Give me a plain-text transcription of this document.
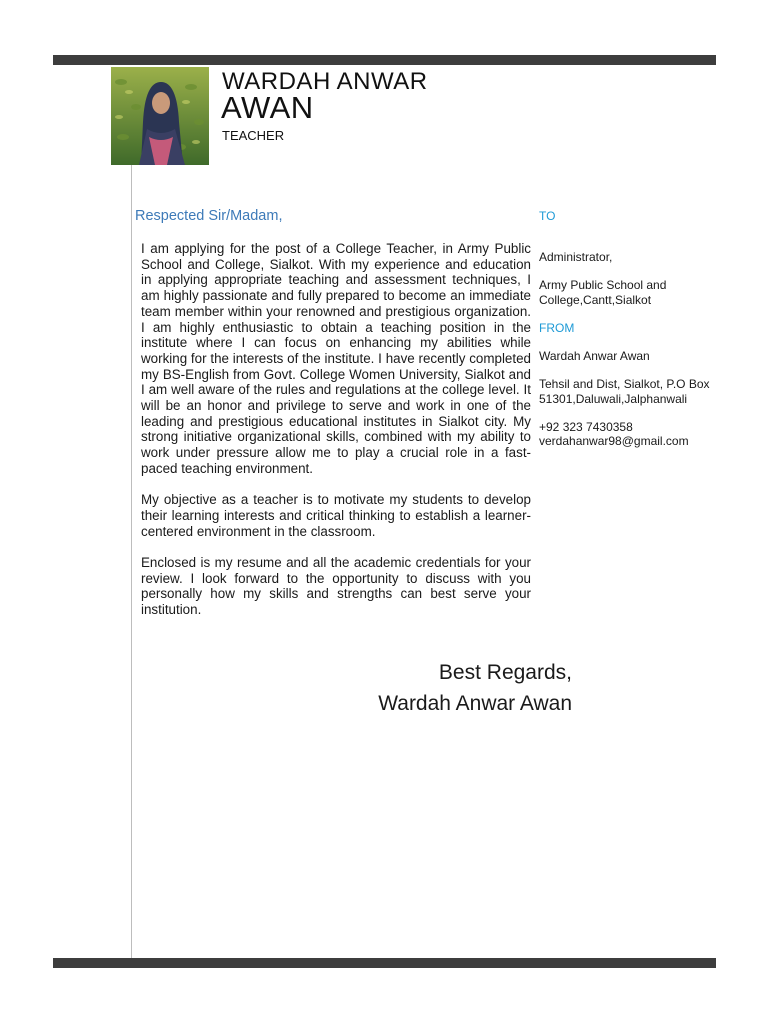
WARDAH ANWAR
AWAN
TEACHER
Respected Sir/Madam,

I am applying for the post of a College Teacher, in Army Public School and College, Sialkot. With my experience and education in applying appropriate teaching and assessment techniques, I am highly passionate and fully prepared to become an immediate team member within your renowned and prestigious organization. I am highly enthusiastic to obtain a teaching position in the institute where I can focus on enhancing my abilities while working for the interests of the institute. I have recently completed my BS-English from Govt. College Women University, Sialkot and I am well aware of the rules and regulations at the college level. It will be an honor and privilege to serve and work in one of the leading and prestigious educational institutes in Sialkot city. My strong initiative organizational skills, combined with my ability to work under pressure allow me to play a crucial role in a fast-paced teaching environment.

My objective as a teacher is to motivate my students to develop their learning interests and critical thinking to establish a learner-centered environment in the classroom.

Enclosed is my resume and all the academic credentials for your review. I look forward to the opportunity to discuss with you personally how my skills and strengths can best serve your institution.

TO
Administrator,
Army Public School and College,Cantt,Sialkot
FROM
Wardah Anwar Awan
Tehsil and Dist, Sialkot, P.O Box 51301,Daluwali,Jalphanwali
+92 323 7430358
verdahanwar98@gmail.com
Best Regards,
Wardah Anwar Awan
